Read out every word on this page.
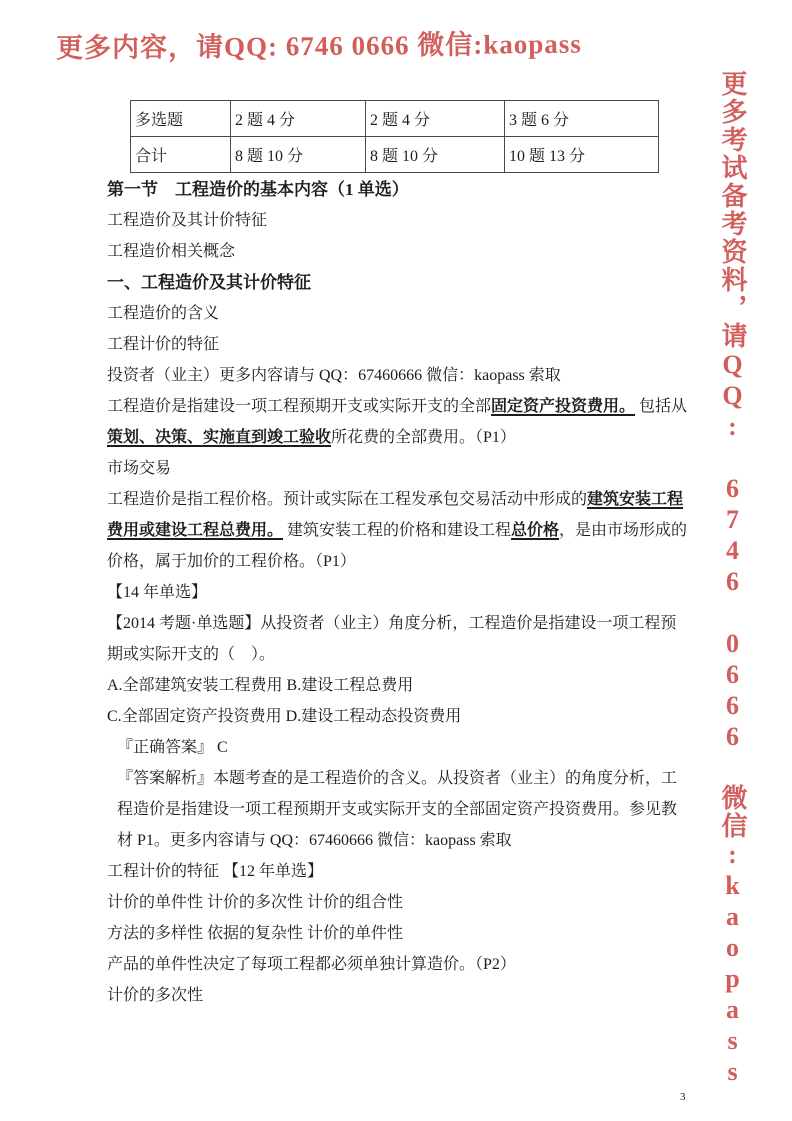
更多内容，请QQ: 6746 0666 微信:kaopass
更多考试备考资料，请QQ: 6746 0666 微信:kaopass
多选题	2 题 4 分	2 题 4 分	3 题 6 分
合计	8 题 10 分	8 题 10 分	10 题 13 分
第一节　工程造价的基本内容（1 单选）
工程造价及其计价特征
工程造价相关概念
一、工程造价及其计价特征
工程造价的含义
工程计价的特征
投资者（业主）更多内容请与 QQ：67460666 微信：kaopass 索取
工程造价是指建设一项工程预期开支或实际开支的全部固定资产投资费用。 包括从
策划、决策、实施直到竣工验收所花费的全部费用。（P1）
市场交易
工程造价是指工程价格。预计或实际在工程发承包交易活动中形成的建筑安装工程
费用或建设工程总费用。 建筑安装工程的价格和建设工程总价格，是由市场形成的
价格，属于加价的工程价格。（P1）
【14 年单选】
【2014 考题·单选题】从投资者（业主）角度分析，工程造价是指建设一项工程预
期或实际开支的（　）。
A.全部建筑安装工程费用 B.建设工程总费用
C.全部固定资产投资费用 D.建设工程动态投资费用
『正确答案』 C
『答案解析』本题考查的是工程造价的含义。从投资者（业主）的角度分析，工
程造价是指建设一项工程预期开支或实际开支的全部固定资产投资费用。参见教
材 P1。更多内容请与 QQ：67460666 微信：kaopass 索取
工程计价的特征 【12 年单选】
计价的单件性 计价的多次性 计价的组合性
方法的多样性 依据的复杂性 计价的单件性
产品的单件性决定了每项工程都必须单独计算造价。（P2）
计价的多次性
3
